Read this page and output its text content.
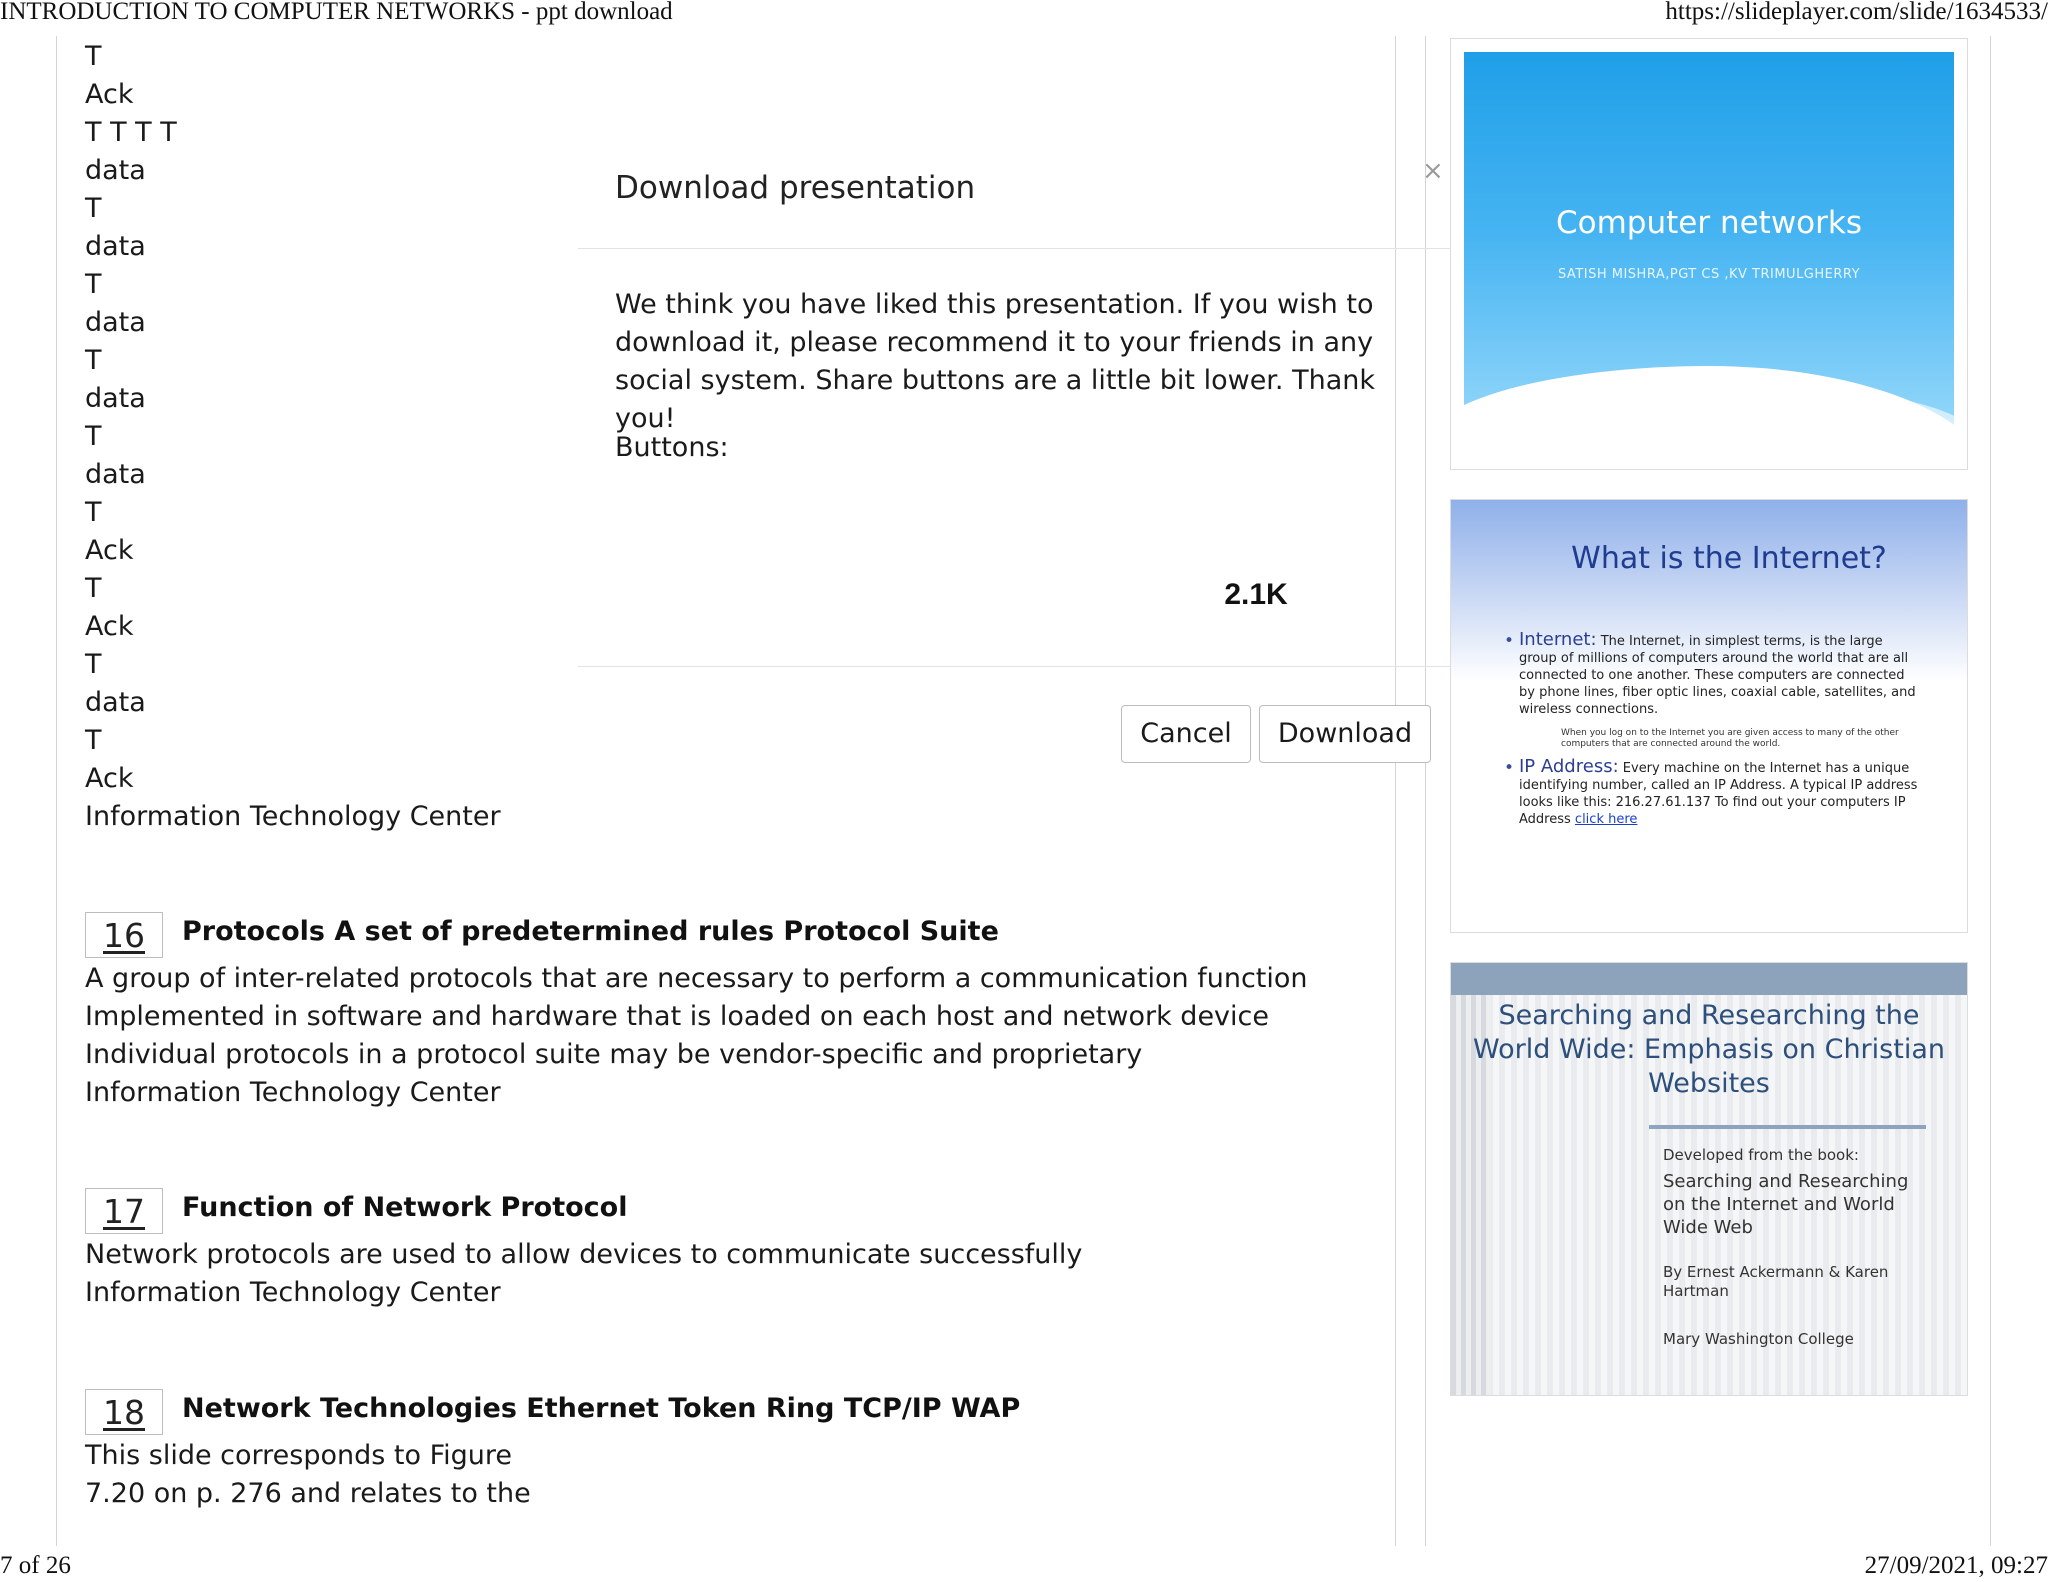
INTRODUCTION TO COMPUTER NETWORKS - ppt download	https://slideplayer.com/slide/1634533/
T
Ack
T T T T
data
T
data
T
data
T
data
T
data
T
Ack
T
Ack
T
data
T
Ack
Information Technology Center
16	Protocols A set of predetermined rules Protocol Suite
A group of inter-related protocols that are necessary to perform a communication function
Implemented in software and hardware that is loaded on each host and network device
Individual protocols in a protocol suite may be vendor-specific and proprietary
Information Technology Center
17	Function of Network Protocol
Network protocols are used to allow devices to communicate successfully
Information Technology Center
18	Network Technologies Ethernet Token Ring TCP/IP WAP
This slide corresponds to Figure
7.20 on p. 276 and relates to the
Download presentation	×

We think you have liked this presentation. If you wish to download it, please recommend it to your friends in any social system. Share buttons are a little bit lower. Thank you!

Buttons:
2.1K
Cancel	Download
Computer networks
SATISH MISHRA,PGT CS ,KV TRIMULGHERRY
What is the Internet?
• Internet: The Internet, in simplest terms, is the large group of millions of computers around the world that are all connected to one another. These computers are connected by phone lines, fiber optic lines, coaxial cable, satellites, and wireless connections.
When you log on to the Internet you are given access to many of the other computers that are connected around the world.
• IP Address: Every machine on the Internet has a unique identifying number, called an IP Address. A typical IP address looks like this: 216.27.61.137 To find out your computers IP Address click here
Searching and Researching the World Wide: Emphasis on Christian Websites
Developed from the book:
Searching and Researching on the Internet and World Wide Web
By Ernest Ackermann & Karen Hartman
Mary Washington College
7 of 26	27/09/2021, 09:27
